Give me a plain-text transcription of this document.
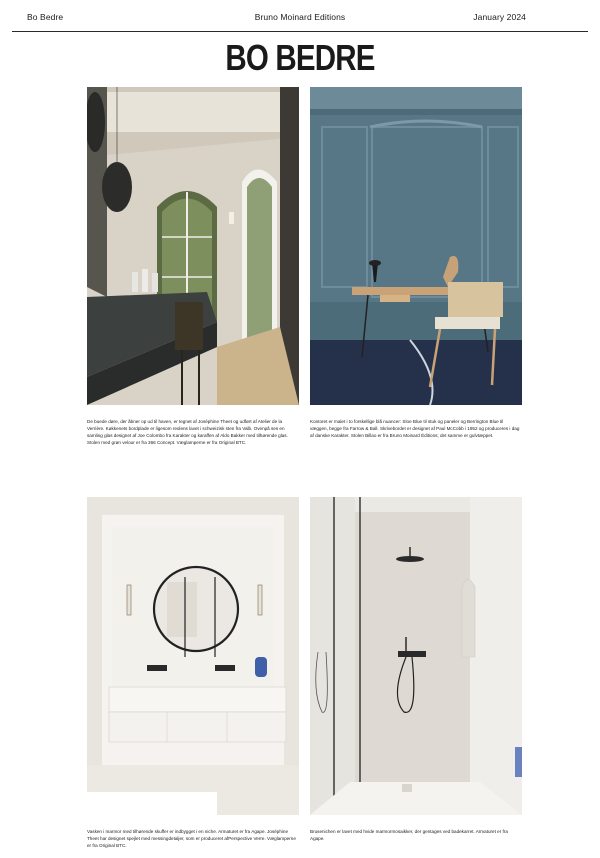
Bo Bedre	Bruno Moinard Editions	January 2024
BO BEDRE
De buede døre, der åbner op ud til haven, er tegnet af Joséphine Theet og udført af Atelier de la Verrière. Køkkenets bordplade er ligesom reolens lavet i schweizisk sten fra Valb. Ovenpå ses en samling glas designet af Joe Colombo fra Karakter og karaffen af Aldo Bakker med tilhørende glas. Stolen med grøn velour er fra 366 Concept. Væglamperne er fra Original BTC.
Kontoret er malet i to forskellige blå nuancer: Sloe Blue til stuk og paneler og Berrington Blue til væggen, begge fra Farrow & Ball. Skrivebordet er designet af Paul McCobb i 1952 og produceres i dag af danske Karakter. Stolen Billao er fra Bruno Moinard Éditions; det samme er gulvtæppet.
Vasken i marmor med tilhørende skuffer er indbygget i en niche. Armaturet er fra Agape. Joséphine Theet har designet spejlet med messingdetaljer, som er produceret afPerspective Verre. Væglamperne er fra Original BTC.
Brusenichen er lavet med hvide marmormosaikker, der gentages ved badekarret. Armaturet er fra Agape.
